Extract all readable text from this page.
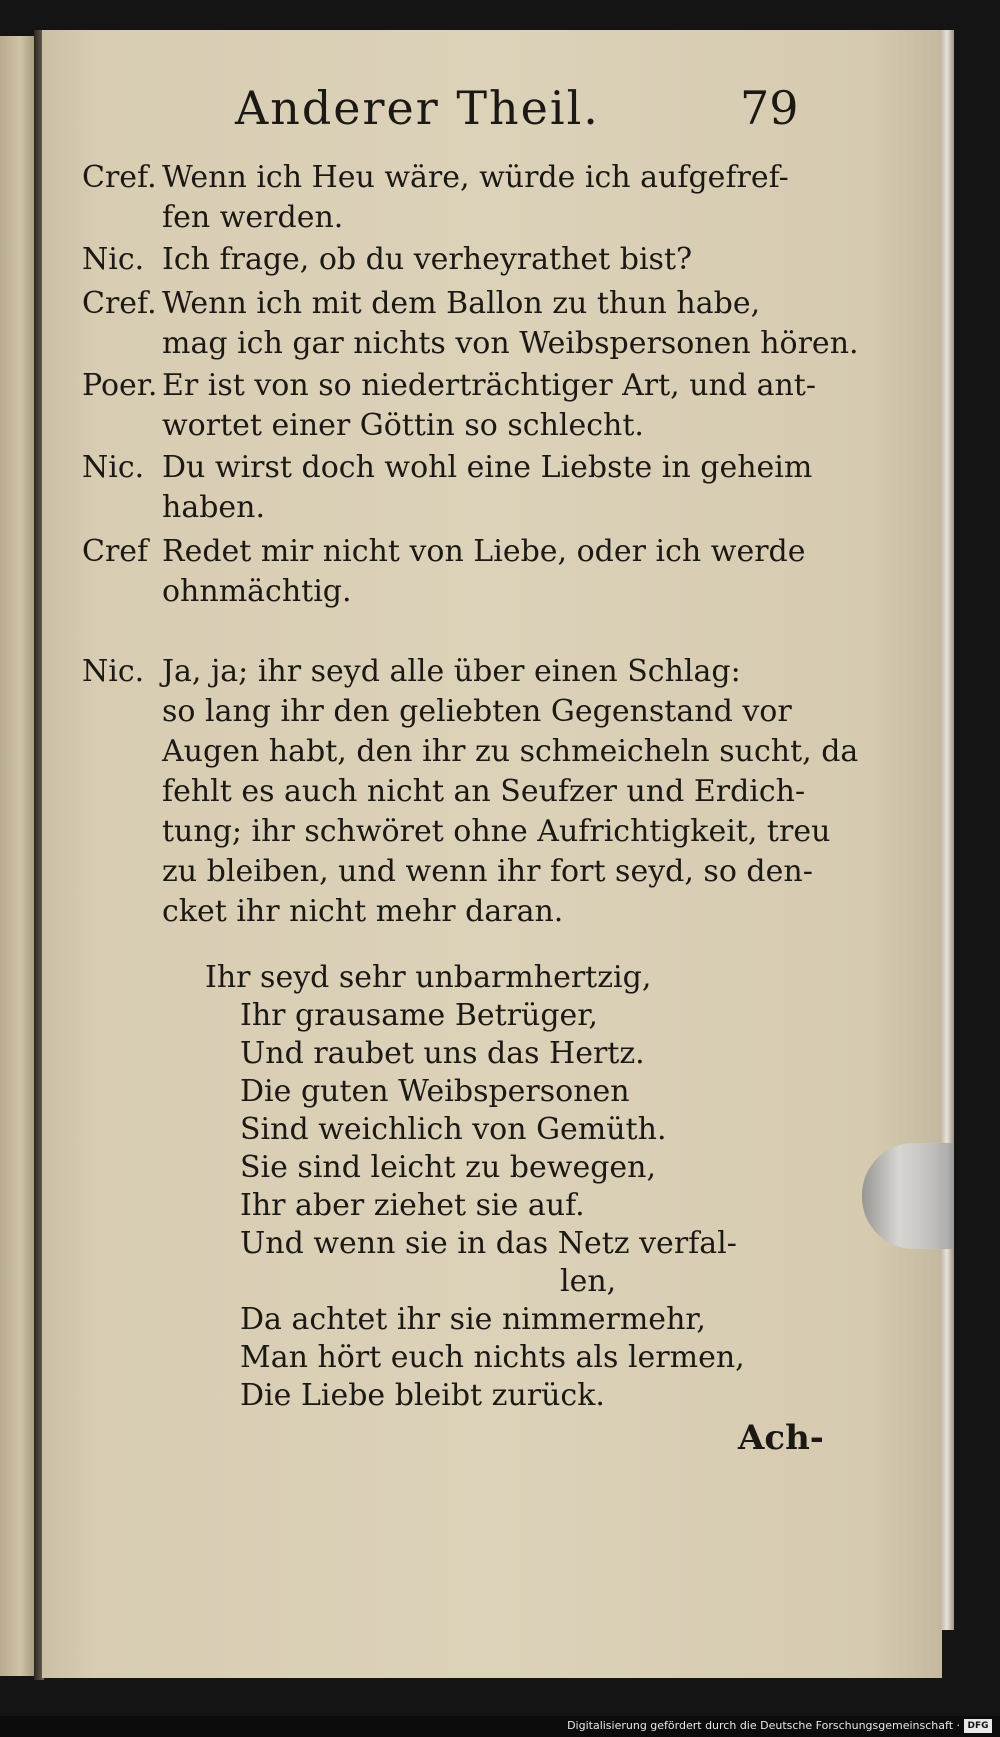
Anderer Theil.	79
Cref. Wenn ich Heu wäre, würde ich aufgefref-
fen werden.
Nic. Ich frage, ob du verheyrathet bist?
Cref. Wenn ich mit dem Ballon zu thun habe,
mag ich gar nichts von Weibspersonen hören.
Poer. Er ist von so niederträchtiger Art, und ant-
wortet einer Göttin so schlecht.
Nic. Du wirst doch wohl eine Liebste in geheim
haben.
Cref Redet mir nicht von Liebe, oder ich werde
ohnmächtig.
Nic. Ja, ja; ihr seyd alle über einen Schlag:
so lang ihr den geliebten Gegenstand vor
Augen habt, den ihr zu schmeicheln sucht, da
fehlt es auch nicht an Seufzer und Erdich-
tung; ihr schwöret ohne Aufrichtigkeit, treu
zu bleiben, und wenn ihr fort seyd, so den-
cket ihr nicht mehr daran.
Ihr seyd sehr unbarmhertzig,
Ihr grausame Betrüger,
Und raubet uns das Hertz.
Die guten Weibspersonen
Sind weichlich von Gemüth.
Sie sind leicht zu bewegen,
Ihr aber ziehet sie auf.
Und wenn sie in das Netz verfal-
len,
Da achtet ihr sie nimmermehr,
Man hört euch nichts als lermen,
Die Liebe bleibt zurück.
Ach-
Digitalisierung gefördert durch die Deutsche Forschungsgemeinschaft · DFG
